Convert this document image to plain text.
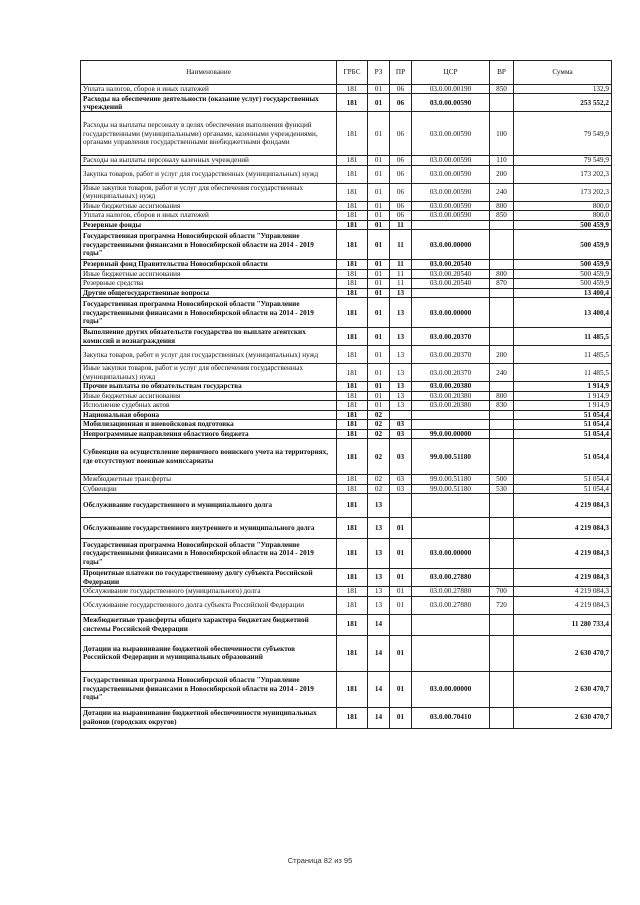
Наименование	ГРБС	РЗ	ПР	ЦСР	ВР	Сумма
Уплата налогов, сборов и иных платежей	181	01	06	03.0.00.00190	850	132,9
Расходы на обеспечение деятельности (оказание услуг) государственных учреждений	181	01	06	03.0.00.00590		253 552,2
Расходы на выплаты персоналу в целях обеспечения выполнения функций государственными (муниципальными) органами, казенными учреждениями, органами управления государственными внебюджетными фондами	181	01	06	03.0.00.00590	100	79 549,9
Расходы на выплаты персоналу казенных учреждений	181	01	06	03.0.00.00590	110	79 549,9
Закупка товаров, работ и услуг для государственных (муниципальных) нужд	181	01	06	03.0.00.00590	200	173 202,3
Иные закупки товаров, работ и услуг для обеспечения государственных (муниципальных) нужд	181	01	06	03.0.00.00590	240	173 202,3
Иные бюджетные ассигнования	181	01	06	03.0.00.00590	800	800,0
Уплата налогов, сборов и иных платежей	181	01	06	03.0.00.00590	850	800,0
Резервные фонды	181	01	11			500 459,9
Государственная программа Новосибирской области "Управление государственными финансами в Новосибирской области на 2014 - 2019 годы"	181	01	11	03.0.00.00000		500 459,9
Резервный фонд Правительства Новосибирской области	181	01	11	03.0.00.20540		500 459,9
Иные бюджетные ассигнования	181	01	11	03.0.00.20540	800	500 459,9
Резервные средства	181	01	11	03.0.00.20540	870	500 459,9
Другие общегосударственные вопросы	181	01	13			13 400,4
Государственная программа Новосибирской области "Управление государственными финансами в Новосибирской области на 2014 - 2019 годы"	181	01	13	03.0.00.00000		13 400,4
Выполнение других обязательств государства по выплате агентских комиссий и вознаграждения	181	01	13	03.0.00.20370		11 485,5
Закупка товаров, работ и услуг для государственных (муниципальных) нужд	181	01	13	03.0.00.20370	200	11 485,5
Иные закупки товаров, работ и услуг для обеспечения государственных (муниципальных) нужд	181	01	13	03.0.00.20370	240	11 485,5
Прочие выплаты по обязательствам государства	181	01	13	03.0.00.20380		1 914,9
Иные бюджетные ассигнования	181	01	13	03.0.00.20380	800	1 914,9
Исполнение судебных актов	181	01	13	03.0.00.20380	830	1 914,9
Национальная оборона	181	02				51 054,4
Мобилизационная и вневойсковая подготовка	181	02	03			51 054,4
Непрограммные направления областного бюджета	181	02	03	99.0.00.00000		51 054,4
Субвенции на осуществление первичного воинского учета на территориях, где отсутствуют военные комиссариаты	181	02	03	99.0.00.51180		51 054,4
Межбюджетные трансферты	181	02	03	99.0.00.51180	500	51 054,4
Субвенции	181	02	03	99.0.00.51180	530	51 054,4
Обслуживание государственного и муниципального долга	181	13				4 219 084,3
Обслуживание государственного внутреннего и муниципального долга	181	13	01			4 219 084,3
Государственная программа Новосибирской области "Управление государственными финансами в Новосибирской области на 2014 - 2019 годы"	181	13	01	03.0.00.00000		4 219 084,3
Процентные платежи по государственному долгу субъекта Российской Федерации	181	13	01	03.0.00.27880		4 219 084,3
Обслуживание государственного (муниципального) долга	181	13	01	03.0.00.27880	700	4 219 084,3
Обслуживание государственного долга субъекта Российской Федерации	181	13	01	03.0.00.27880	720	4 219 084,3
Межбюджетные трансферты общего характера бюджетам бюджетной системы Российской Федерации	181	14				11 280 733,4
Дотации на выравнивание бюджетной обеспеченности субъектов Российской Федерации и муниципальных образований	181	14	01			2 630 470,7
Государственная программа Новосибирской области "Управление государственными финансами в Новосибирской области на 2014 - 2019 годы"	181	14	01	03.0.00.00000		2 630 470,7
Дотации на выравнивание бюджетной обеспеченности муниципальных районов (городских округов)	181	14	01	03.0.00.70410		2 630 470,7
Страница 82 из 95
